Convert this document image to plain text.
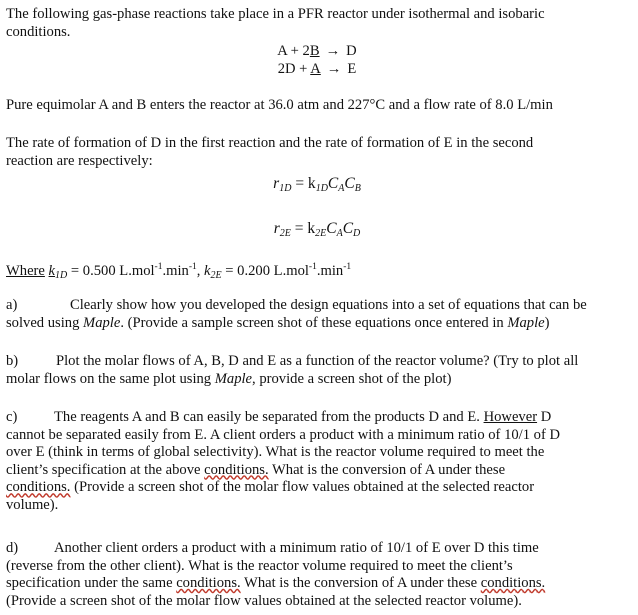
The following gas-phase reactions take place in a PFR reactor under isothermal and isobaric
conditions.

A + 2B → D

2D + A → E

Pure equimolar A and B enters the reactor at 36.0 atm and 227°C and a flow rate of 8.0 L/min

The rate of formation of D in the first reaction and the rate of formation of E in the second
reaction are respectively:

$r_{1D} = k_{1D}C_AC_B$

$r_{2E} = k_{2E}C_AC_D$

Where $k_{1D} = 0.500$ $L.mol^{-1}.\min^{-1}$, $k_{2E} = 0.200$ $L.mol^{-1}.\min^{-1}$

a)	Clearly show how you developed the design equations into a set of equations that can be
solved using Maple. (Provide a sample screen shot of these equations once entered in Maple)

b)	Plot the molar flows of A, B, D and E as a function of the reactor volume? (Try to plot all
molar flows on the same plot using Maple, provide a screen shot of the plot)

c)	The reagents A and B can easily be separated from the products D and E. However D
cannot be separated easily from E. A client orders a product with a minimum ratio of 10/1 of D
over E (think in terms of global selectivity). What is the reactor volume required to meet the
client’s specification at the above conditions. What is the conversion of A under these
conditions. (Provide a screen shot of the molar flow values obtained at the selected reactor
volume).

d) Another client orders a product with a minimum ratio of 10/1 of E over D this time
(reverse from the other client). What is the reactor volume required to meet the client’s
specification under the same conditions. What is the conversion of A under these conditions.
(Provide a screen shot of the molar flow values obtained at the selected reactor volume).
